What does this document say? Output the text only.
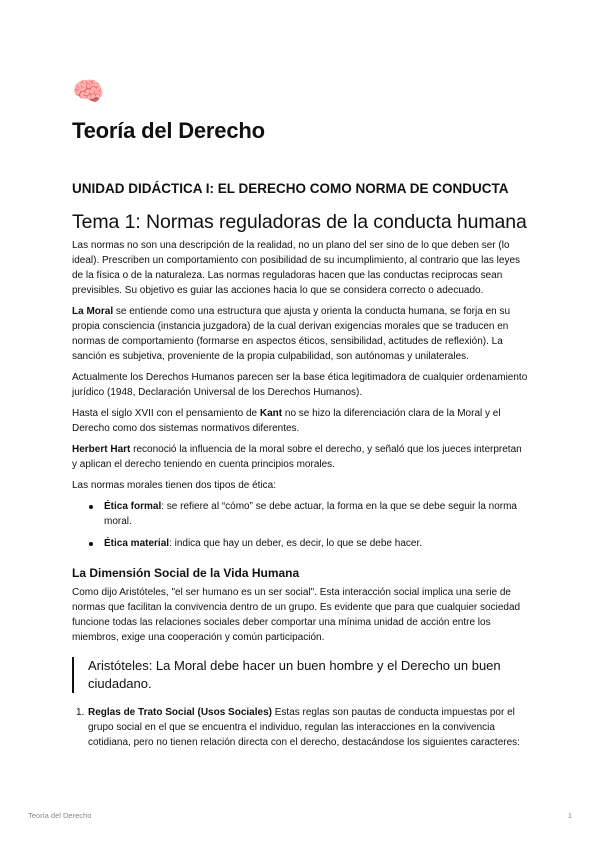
🧠
Teoría del Derecho
UNIDAD DIDÁCTICA I: EL DERECHO COMO NORMA DE CONDUCTA
Tema 1: Normas reguladoras de la conducta humana

Las normas no son una descripción de la realidad, no un plano del ser sino de lo que deben ser (lo ideal). Prescriben un comportamiento con posibilidad de su incumplimiento, al contrario que las leyes de la física o de la naturaleza. Las normas reguladoras hacen que las conductas reciprocas sean previsibles. Su objetivo es guiar las acciones hacia lo que se considera correcto o adecuado.

La Moral se entiende como una estructura que ajusta y orienta la conducta humana, se forja en su propia consciencia (instancia juzgadora) de la cual derivan exigencias morales que se traducen en normas de comportamiento (formarse en aspectos éticos, sensibilidad, actitudes de reflexión). La sanción es subjetiva, proveniente de la propia culpabilidad, son autónomas y unilaterales.

Actualmente los Derechos Humanos parecen ser la base ética legitimadora de cualquier ordenamiento jurídico (1948, Declaración Universal de los Derechos Humanos).

Hasta el siglo XVII con el pensamiento de Kant no se hizo la diferenciación clara de la Moral y el Derecho como dos sistemas normativos diferentes.

Herbert Hart reconoció la influencia de la moral sobre el derecho, y señaló que los jueces interpretan y aplican el derecho teniendo en cuenta principios morales.

Las normas morales tienen dos tipos de ética:

Ética formal: se refiere al “cómo” se debe actuar, la forma en la que se debe seguir la norma moral.
Ética material: indica que hay un deber, es decir, lo que se debe hacer.
La Dimensión Social de la Vida Humana

Como dijo Aristóteles, "el ser humano es un ser social". Esta interacción social implica una serie de normas que facilitan la convivencia dentro de un grupo. Es evidente que para que cualquier sociedad funcione todas las relaciones sociales deber comportar una mínima unidad de acción entre los miembros, exige una cooperación y común participación.

Aristóteles: La Moral debe hacer un buen hombre y el Derecho un buen ciudadano.
1. Reglas de Trato Social (Usos Sociales) Estas reglas son pautas de conducta impuestas por el grupo social en el que se encuentra el individuo, regulan las interacciones en la convivencia cotidiana, pero no tienen relación directa con el derecho, destacándose los siguientes caracteres:
Teoría del Derecho	1
